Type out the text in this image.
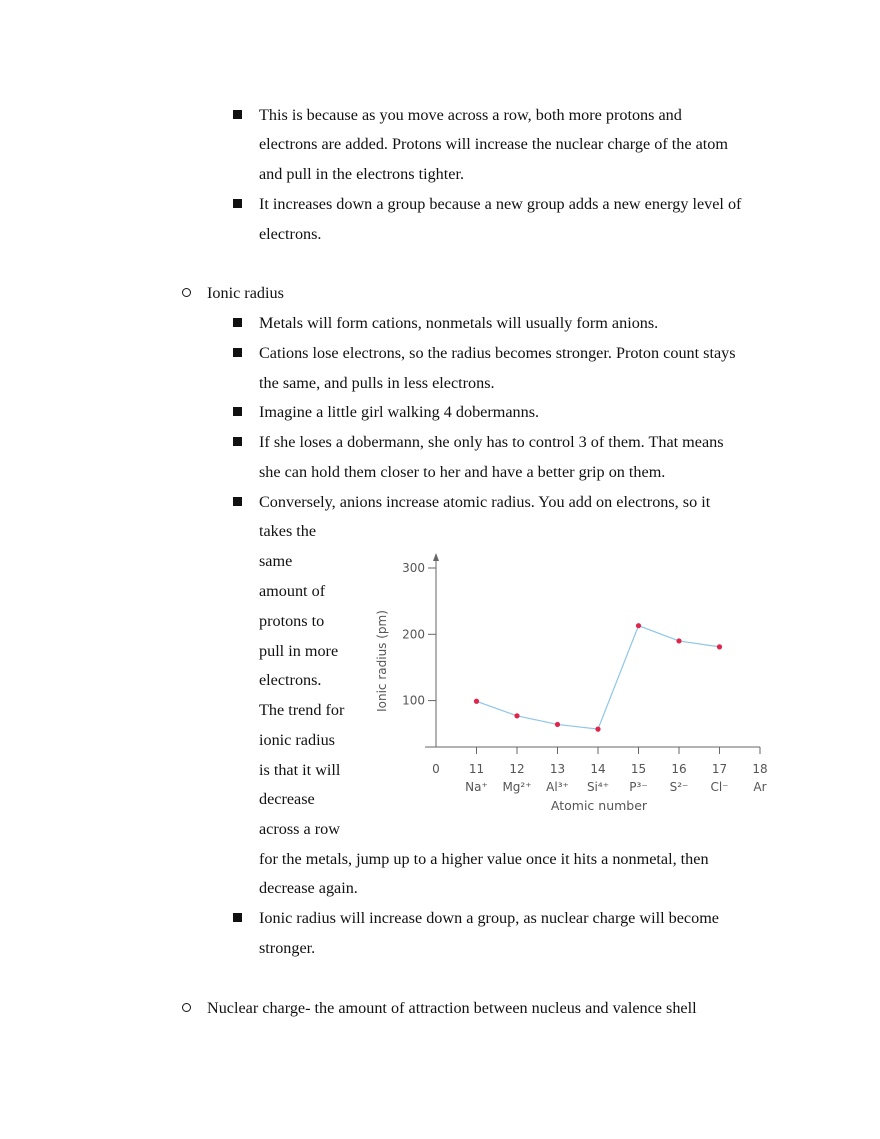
This is because as you move across a row, both more protons and
electrons are added. Protons will increase the nuclear charge of the atom
and pull in the electrons tighter.
It increases down a group because a new group adds a new energy level of
electrons.
Ionic radius
Metals will form cations, nonmetals will usually form anions.
Cations lose electrons, so the radius becomes stronger. Proton count stays
the same, and pulls in less electrons.
Imagine a little girl walking 4 dobermanns.
If she loses a dobermann, she only has to control 3 of them. That means
she can hold them closer to her and have a better grip on them.
Conversely, anions increase atomic radius. You add on electrons, so it
takes the
same
amount of
protons to
pull in more
electrons.
The trend for
ionic radius
is that it will
decrease
across a row
for the metals, jump up to a higher value once it hits a nonmetal, then
decrease again.
Ionic radius will increase down a group, as nuclear charge will become
stronger.
Nuclear charge- the amount of attraction between nucleus and valence shell
Ionic radius (pm)
Atomic number
0 11 12 13 14 15 16 17 18
Na⁺ Mg²⁺ Al³⁺ Si⁴⁺ P³⁻ S²⁻ Cl⁻ Ar
100
200
300
